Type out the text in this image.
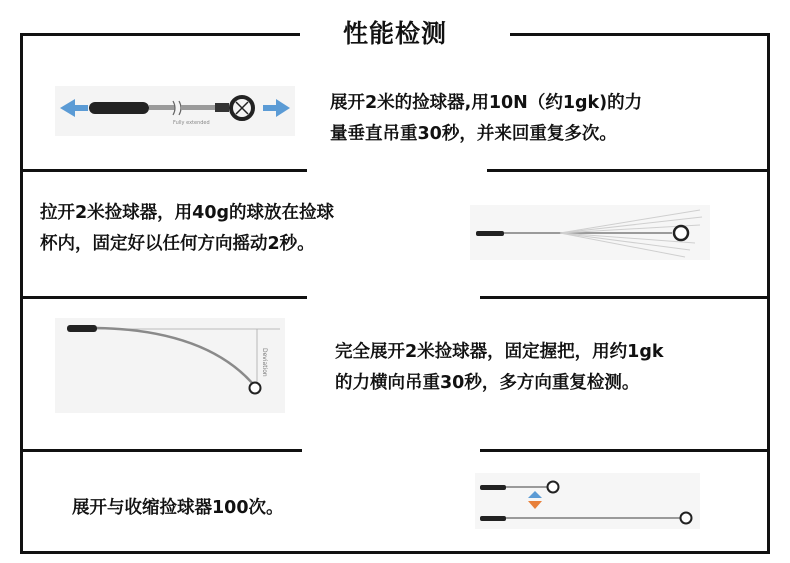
性能检测
Fully extended
展开2米的捡球器,用10N（约1gk)的力
量垂直吊重30秒，并来回重复多次。
拉开2米捡球器，用40g的球放在捡球
杯内，固定好以任何方向摇动2秒。
Deviation	完全展开2米捡球器，固定握把，用约1gk
的力横向吊重30秒，多方向重复检测。
展开与收缩捡球器100次。
